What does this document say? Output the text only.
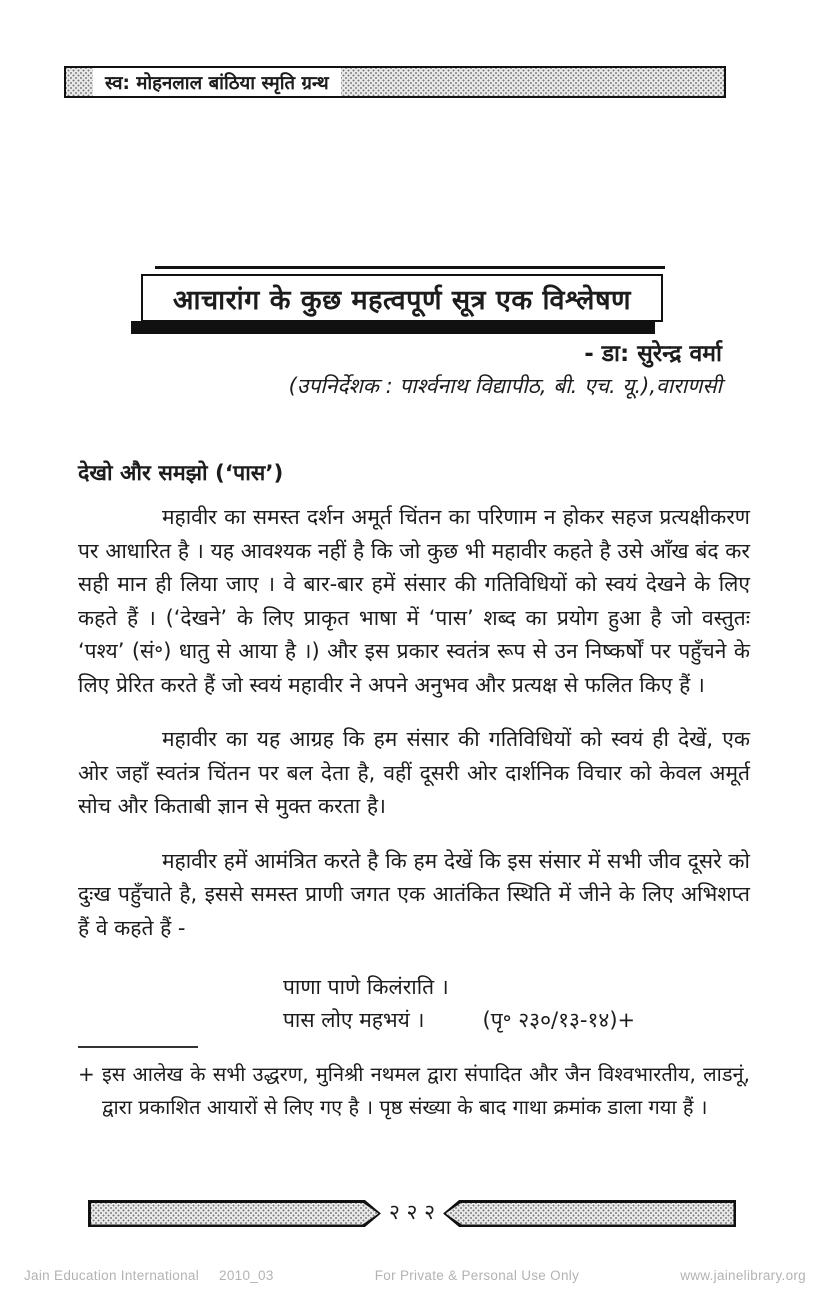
स्व: मोहनलाल बांठिया स्मृति ग्रन्थ
आचारांग के कुछ महत्वपूर्ण सूत्र एक विश्लेषण
- डा: सुरेन्द्र वर्मा
(उपनिर्देशक : पार्श्वनाथ विद्यापीठ, बी. एच. यू.),वाराणसी
देखो और समझो (‘पास’)

महावीर का समस्त दर्शन अमूर्त चिंतन का परिणाम न होकर सहज प्रत्यक्षीकरण पर आधारित है । यह आवश्यक नहीं है कि जो कुछ भी महावीर कहते है उसे आँख बंद कर सही मान ही लिया जाए । वे बार-बार हमें संसार की गतिविधियों को स्वयं देखने के लिए कहते हैं । (‘देखने’ के लिए प्राकृत भाषा में ‘पास’ शब्द का प्रयोग हुआ है जो वस्तुतः ‘पश्य’ (सं॰) धातु से आया है ।) और इस प्रकार स्वतंत्र रूप से उन निष्कर्षों पर पहुँचने के लिए प्रेरित करते हैं जो स्वयं महावीर ने अपने अनुभव और प्रत्यक्ष से फलित किए हैं ।

महावीर का यह आग्रह कि हम संसार की गतिविधियों को स्वयं ही देखें, एक ओर जहाँ स्वतंत्र चिंतन पर बल देता है, वहीं दूसरी ओर दार्शनिक विचार को केवल अमूर्त सोच और किताबी ज्ञान से मुक्त करता है।

महावीर हमें आमंत्रित करते है कि हम देखें कि इस संसार में सभी जीव दूसरे को दुःख पहुँचाते है, इससे समस्त प्राणी जगत एक आतंकित स्थिति में जीने के लिए अभिशप्त हैं वे कहते हैं -

पाणा पाणे किलंराति ।
पास लोए महभयं ।	(पृ॰ २३०/१३-१४)+

+ इस आलेख के सभी उद्धरण, मुनिश्री नथमल द्वारा संपादित और जैन विश्वभारतीय, लाडनूं, द्वारा प्रकाशित आयारों से लिए गए है । पृष्ठ संख्या के बाद गाथा क्रमांक डाला गया हैं ।

२ २ २
Jain Education International 2010_03	For Private & Personal Use Only	www.jainelibrary.org
